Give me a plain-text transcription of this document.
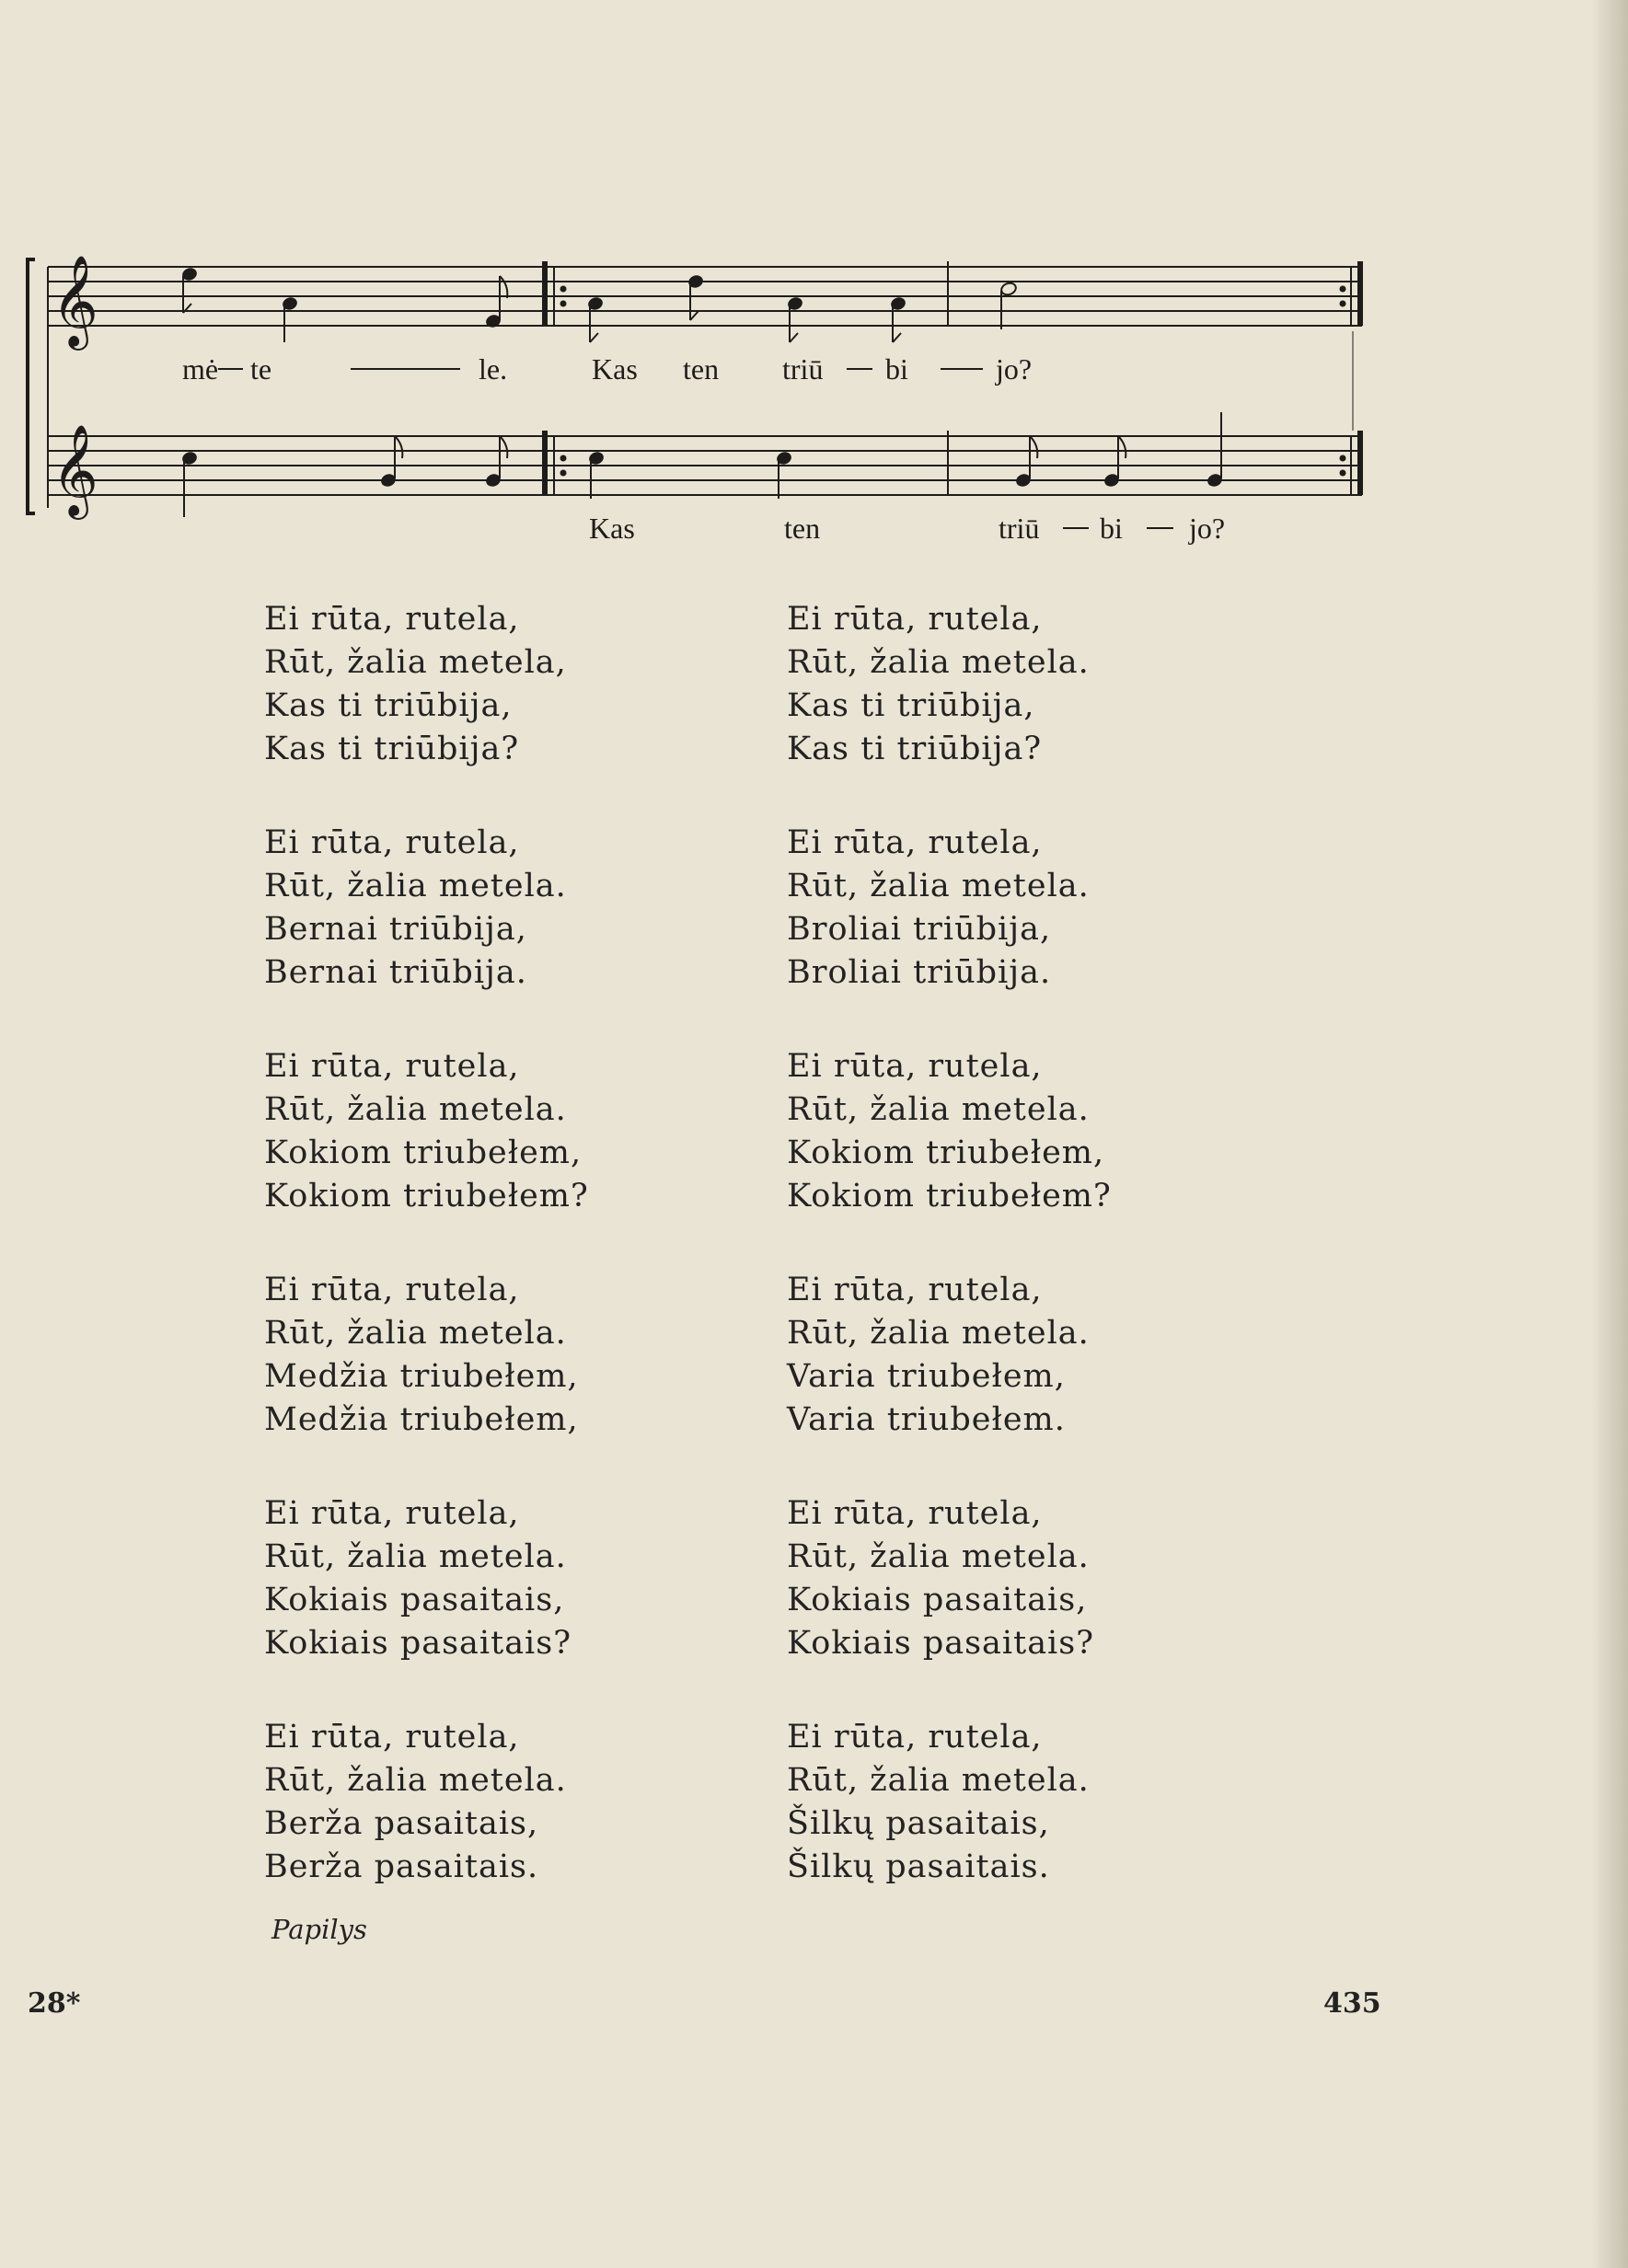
𝄞
𝄞
mė te	le.	Kas ten triū bi	jo?
Kas	ten	triū bi jo?
Ei rūta, rutela,
Rūt, žalia metela,
Kas ti triūbija,
Kas ti triūbija?
Ei rūta, rutela,
Rūt, žalia metela.
Bernai triūbija,
Bernai triūbija.
Ei rūta, rutela,
Rūt, žalia metela.
Kokiom triubełem,
Kokiom triubełem?
Ei rūta, rutela,
Rūt, žalia metela.
Medžia triubełem,
Medžia triubełem,
Ei rūta, rutela,
Rūt, žalia metela.
Kokiais pasaitais,
Kokiais pasaitais?
Ei rūta, rutela,
Rūt, žalia metela.
Berža pasaitais,
Berža pasaitais.
Ei rūta, rutela,
Rūt, žalia metela.
Kas ti triūbija,
Kas ti triūbija?
Ei rūta, rutela,
Rūt, žalia metela.
Broliai triūbija,
Broliai triūbija.
Ei rūta, rutela,
Rūt, žalia metela.
Kokiom triubełem,
Kokiom triubełem?
Ei rūta, rutela,
Rūt, žalia metela.
Varia triubełem,
Varia triubełem.
Ei rūta, rutela,
Rūt, žalia metela.
Kokiais pasaitais,
Kokiais pasaitais?
Ei rūta, rutela,
Rūt, žalia metela.
Šilkų pasaitais,
Šilkų pasaitais.
Papilys
28*	435
